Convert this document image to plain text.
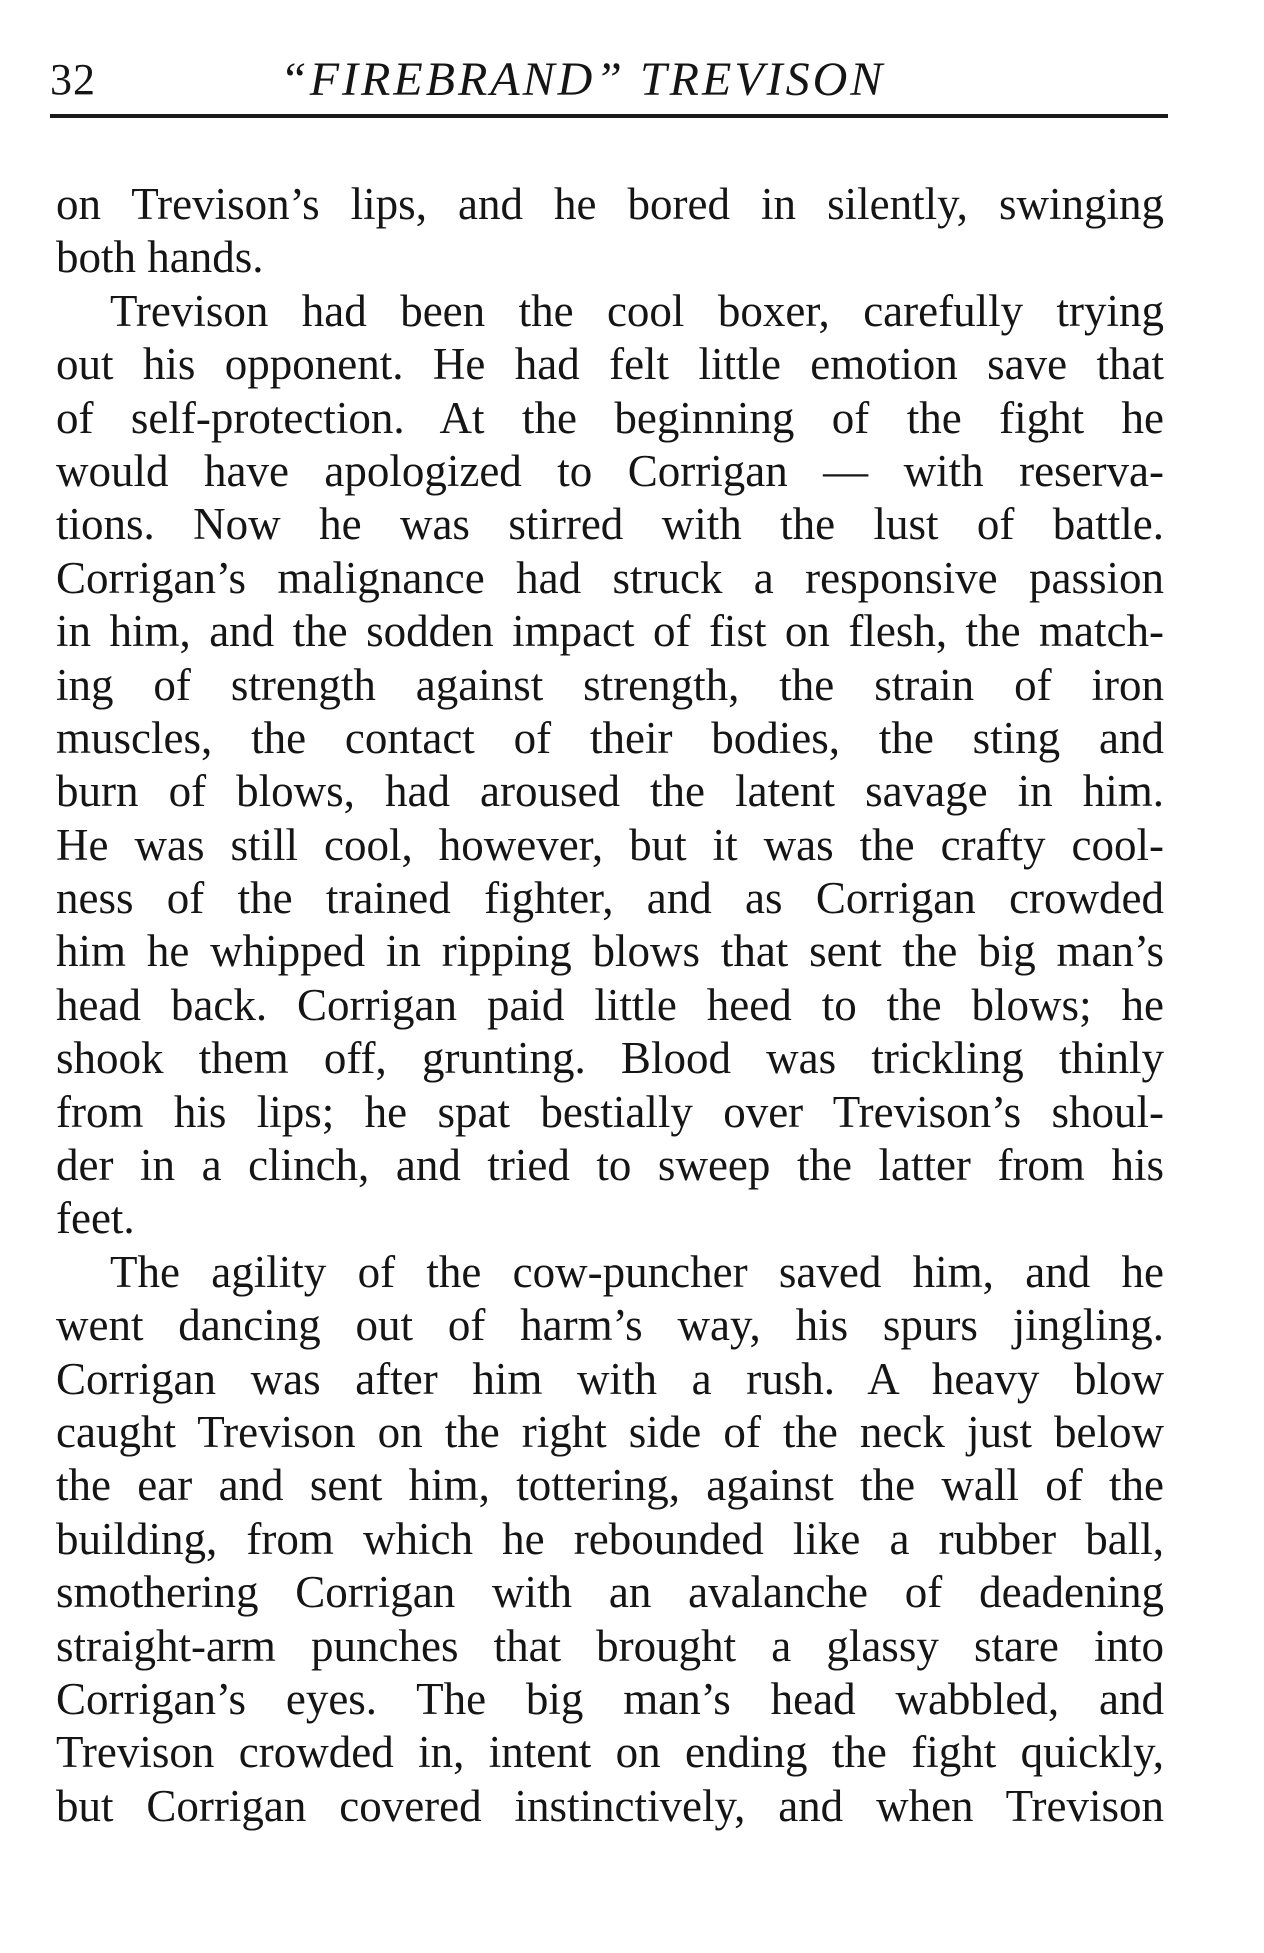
32	“FIREBRAND” TREVISON
on Trevison’s lips, and he bored in silently, swinging
both hands.
Trevison had been the cool boxer, carefully trying
out his opponent. He had felt little emotion save that
of self-protection. At the beginning of the fight he
would have apologized to Corrigan — with reserva-
tions. Now he was stirred with the lust of battle.
Corrigan’s malignance had struck a responsive passion
in him, and the sodden impact of fist on flesh, the match-
ing of strength against strength, the strain of iron
muscles, the contact of their bodies, the sting and
burn of blows, had aroused the latent savage in him.
He was still cool, however, but it was the crafty cool-
ness of the trained fighter, and as Corrigan crowded
him he whipped in ripping blows that sent the big man’s
head back. Corrigan paid little heed to the blows; he
shook them off, grunting. Blood was trickling thinly
from his lips; he spat bestially over Trevison’s shoul-
der in a clinch, and tried to sweep the latter from his
feet.
The agility of the cow-puncher saved him, and he
went dancing out of harm’s way, his spurs jingling.
Corrigan was after him with a rush. A heavy blow
caught Trevison on the right side of the neck just below
the ear and sent him, tottering, against the wall of the
building, from which he rebounded like a rubber ball,
smothering Corrigan with an avalanche of deadening
straight-arm punches that brought a glassy stare into
Corrigan’s eyes. The big man’s head wabbled, and
Trevison crowded in, intent on ending the fight quickly,
but Corrigan covered instinctively, and when Trevison
